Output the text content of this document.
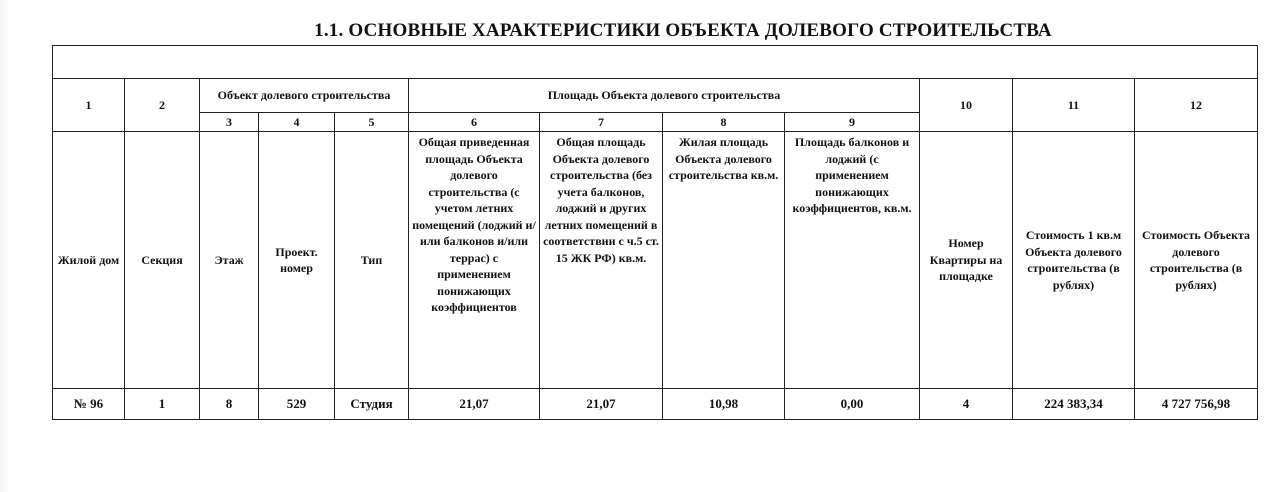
1.1. ОСНОВНЫЕ ХАРАКТЕРИСТИКИ ОБЪЕКТА ДОЛЕВОГО СТРОИТЕЛЬСТВА

1	2	Объект долевого строительства			Площадь Объекта долевого строительства				10	11	12
		3	4	5	6	7	8	9			
Жилой дом	Секция	Этаж	Проект. номер	Тип	Общая приведенная площадь Объекта долевого строительства (с учетом летних помещений (лоджий и/или балконов и/или террас) с применением понижающих коэффициентов	Общая площадь Объекта долевого строительства (без учета балконов, лоджий и других летних помещений в соответствии с ч.5 ст. 15 ЖК РФ) кв.м.	Жилая площадь Объекта долевого строительства кв.м.	Площадь балконов и лоджий (с применением понижающих коэффициентов, кв.м.	Номер Квартиры на площадке	Стоимость 1 кв.м Объекта долевого строительства (в рублях)	Стоимость Объекта долевого строительства (в рублях)
№ 96	1	8	529	Студия	21,07	21,07	10,98	0,00	4	224 383,34	4 727 756,98
